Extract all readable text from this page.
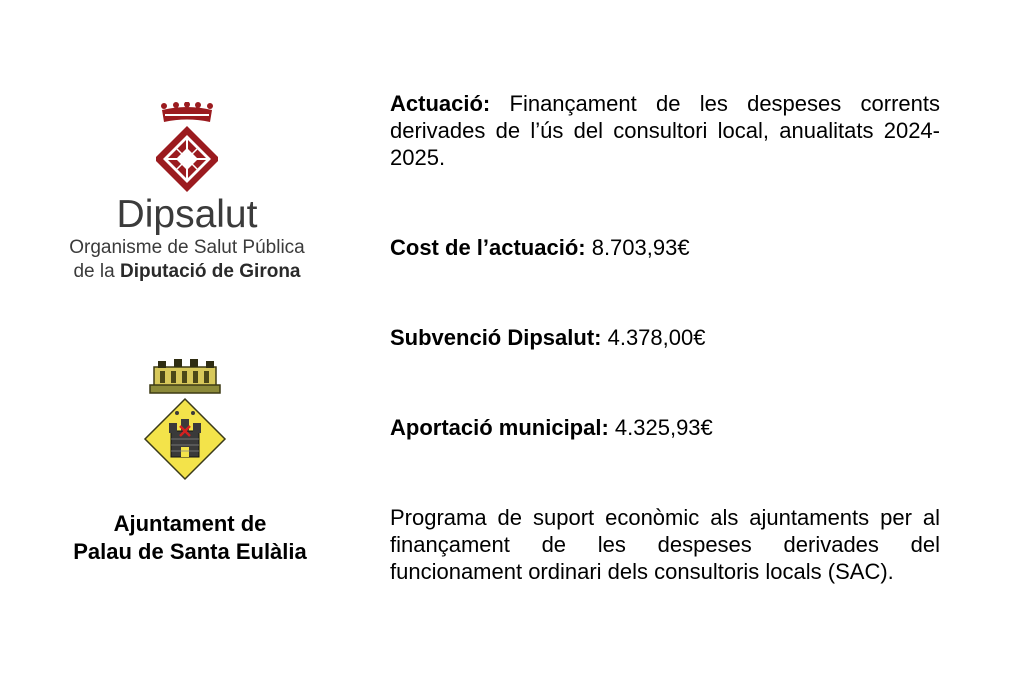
Dipsalut
Organisme de Salut Pública
de la Diputació de Girona
Ajuntament de
Palau de Santa Eulàlia
Actuació: Finançament de les despeses corrents derivades de l’ús del consultori local, anualitats 2024-2025.
Cost de l’actuació: 8.703,93€
Subvenció Dipsalut: 4.378,00€
Aportació municipal: 4.325,93€
Programa de suport econòmic als ajuntaments per al finançament de les despeses derivades del funcionament ordinari dels consultoris locals (SAC).
